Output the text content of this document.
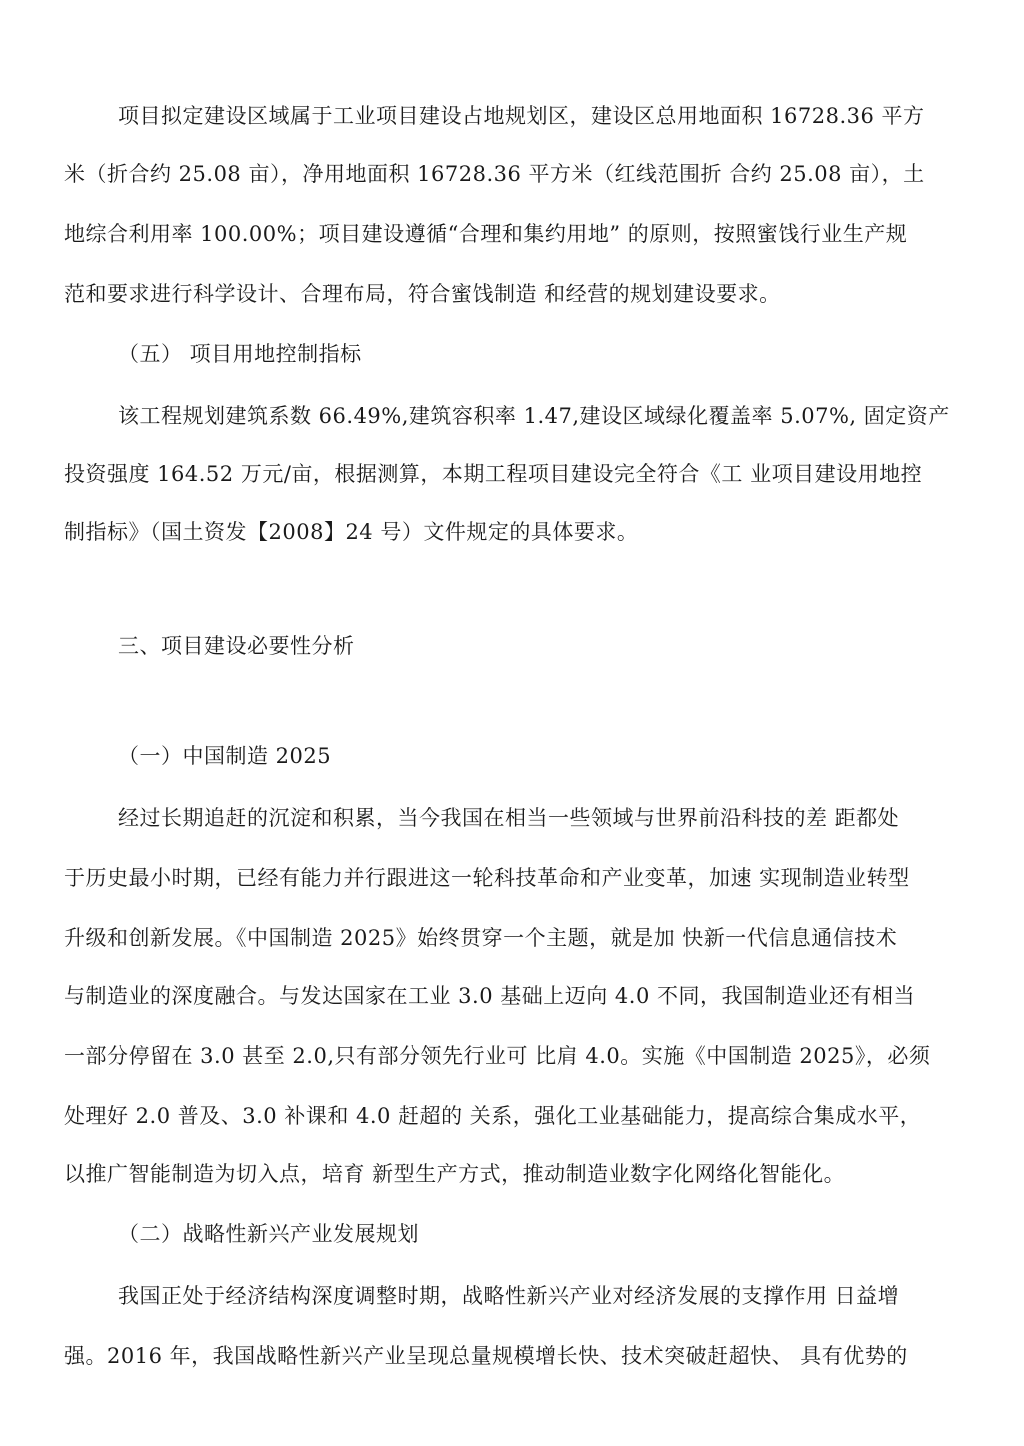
项目拟定建设区域属于工业项目建设占地规划区，建设区总用地面积 16728.36 平方
米（折合约 25.08 亩），净用地面积 16728.36 平方米（红线范围折 合约 25.08 亩），土
地综合利用率 100.00%；项目建设遵循“合理和集约用地” 的原则，按照蜜饯行业生产规
范和要求进行科学设计、合理布局，符合蜜饯制造 和经营的规划建设要求。
（五） 项目用地控制指标
该工程规划建筑系数 66.49%,建筑容积率 1.47,建设区域绿化覆盖率 5.07%, 固定资产
投资强度 164.52 万元/亩，根据测算，本期工程项目建设完全符合《工 业项目建设用地控
制指标》（国土资发【2008】24 号）文件规定的具体要求。
三、项目建设必要性分析
（一）中国制造 2025
经过长期追赶的沉淀和积累，当今我国在相当一些领域与世界前沿科技的差 距都处
于历史最小时期，已经有能力并行跟进这一轮科技革命和产业变革，加速 实现制造业转型
升级和创新发展。《中国制造 2025》始终贯穿一个主题，就是加 快新一代信息通信技术
与制造业的深度融合。与发达国家在工业 3.0 基础上迈向 4.0 不同，我国制造业还有相当
一部分停留在 3.0 甚至 2.0,只有部分领先行业可 比肩 4.0。实施《中国制造 2025》，必须
处理好 2.0 普及、3.0 补课和 4.0 赶超的 关系，强化工业基础能力，提高综合集成水平，
以推广智能制造为切入点，培育 新型生产方式，推动制造业数字化网络化智能化。
（二）战略性新兴产业发展规划
我国正处于经济结构深度调整时期，战略性新兴产业对经济发展的支撑作用 日益增
强。2016 年，我国战略性新兴产业呈现总量规模增长快、技术突破赶超快、 具有优势的
